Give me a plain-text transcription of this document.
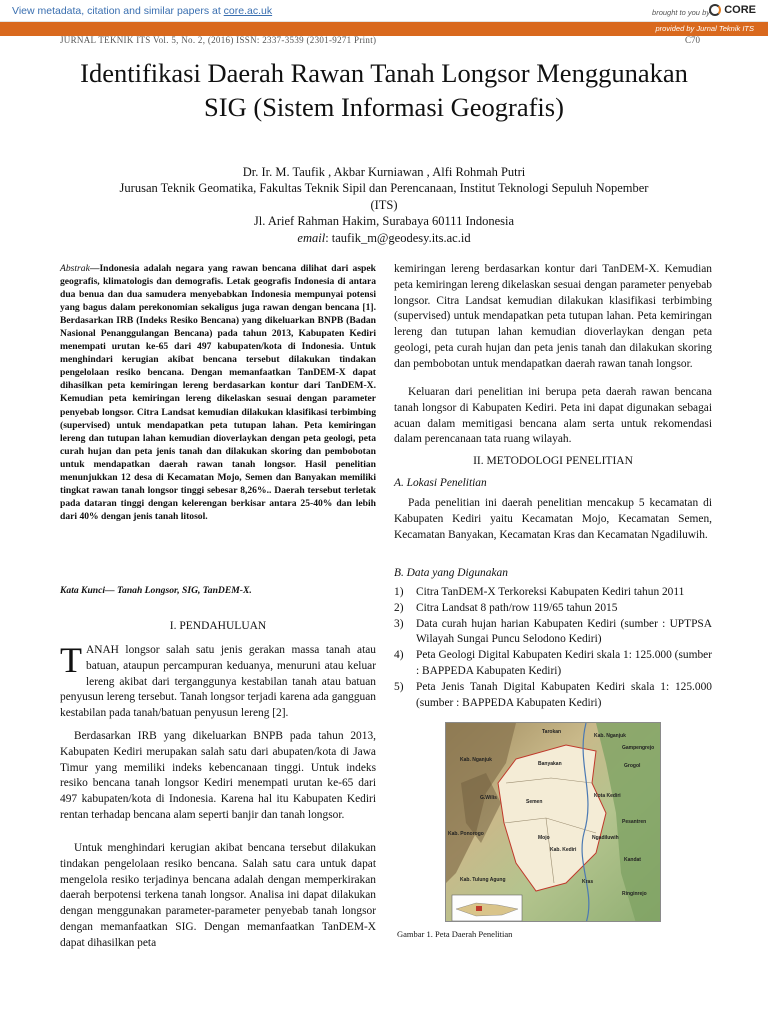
View metadata, citation and similar papers at core.ac.uk	brought to you by CORE
provided by Jurnal Teknik ITS
JURNAL TEKNIK ITS Vol. 5, No. 2, (2016) ISSN: 2337-3539 (2301-9271 Print)	C70
Identifikasi Daerah Rawan Tanah Longsor Menggunakan SIG (Sistem Informasi Geografis)
Dr. Ir. M. Taufik , Akbar Kurniawan , Alfi Rohmah Putri
Jurusan Teknik Geomatika, Fakultas Teknik Sipil dan Perencanaan, Institut Teknologi Sepuluh Nopember (ITS)
Jl. Arief Rahman Hakim, Surabaya 60111 Indonesia
email: taufik_m@geodesy.its.ac.id
Abstrak—Indonesia adalah negara yang rawan bencana dilihat dari aspek geografis, klimatologis dan demografis. Letak geografis Indonesia di antara dua benua dan dua samudera menyebabkan Indonesia mempunyai potensi yang bagus dalam perekonomian sekaligus juga rawan dengan bencana [1]. Berdasarkan IRB (Indeks Resiko Bencana) yang dikeluarkan BNPB (Badan Nasional Penanggulangan Bencana) pada tahun 2013, Kabupaten Kediri menempati urutan ke-65 dari 497 kabupaten/kota di Indonesia. Untuk menghindari kerugian akibat bencana tersebut dilakukan tindakan pengelolaan resiko bencana. Dengan memanfaatkan TanDEM-X dapat dihasilkan peta kemiringan lereng berdasarkan kontur dari TanDEM-X. Kemudian peta kemiringan lereng dikelaskan sesuai dengan parameter penyebab longsor. Citra Landsat kemudian dilakukan klasifikasi terbimbing (supervised) untuk mendapatkan peta tutupan lahan. Peta kemiringan lereng dan tutupan lahan kemudian dioverlaykan dengan peta geologi, peta curah hujan dan peta jenis tanah dan dilakukan skoring dan pembobotan untuk mendapatkan daerah rawan tanah longsor. Hasil penelitian menunjukkan 12 desa di Kecamatan Mojo, Semen dan Banyakan memiliki tingkat rawan tanah longsor tinggi sebesar 8,26%.. Daerah tersebut terletak pada dataran tinggi dengan kelerengan berkisar antara 25-40% dan lebih dari 40% dengan jenis tanah litosol.
Kata Kunci— Tanah Longsor, SIG, TanDEM-X.
I. PENDAHULUAN
TANAH longsor salah satu jenis gerakan massa tanah atau batuan, ataupun percampuran keduanya, menuruni atau keluar lereng akibat dari terganggunya kestabilan tanah atau batuan penyusun lereng tersebut. Tanah longsor terjadi karena ada gangguan kestabilan pada tanah/batuan penyusun lereng [2].
Berdasarkan IRB yang dikeluarkan BNPB pada tahun 2013, Kabupaten Kediri merupakan salah satu dari abupaten/kota di Jawa Timur yang memiliki indeks kebencanaan tinggi. Untuk indeks resiko bencana tanah longsor Kediri menempati urutan ke-65 dari 497 kabupaten/kota di Indonesia. Karena hal itu Kabupaten Kediri rentan terhadap bencana alam seperti banjir dan tanah longsor.
Untuk menghindari kerugian akibat bencana tersebut dilakukan tindakan pengelolaan resiko bencana. Salah satu cara untuk dapat mengelola resiko terjadinya bencana adalah dengan memperkirakan daerah berpotensi terkena tanah longsor. Analisa ini dapat dilakukan dengan menggunakan parameter-parameter penyebab tanah longsor dengan memanfaatkan SIG. Dengan memanfaatkan TanDEM-X dapat dihasilkan peta
kemiringan lereng berdasarkan kontur dari TanDEM-X. Kemudian peta kemiringan lereng dikelaskan sesuai dengan parameter penyebab longsor. Citra Landsat kemudian dilakukan klasifikasi terbimbing (supervised) untuk mendapatkan peta tutupan lahan. Peta kemiringan lereng dan tutupan lahan kemudian dioverlaykan dengan peta geologi, peta curah hujan dan peta jenis tanah dan dilakukan skoring dan pembobotan untuk mendapatkan daerah rawan tanah longsor.
Keluaran dari penelitian ini berupa peta daerah rawan bencana tanah longsor di Kabupaten Kediri. Peta ini dapat digunakan sebagai acuan dalam memitigasi bencana alam serta untuk rekomendasi dalam perencanaan tata ruang wilayah.
II. METODOLOGI PENELITIAN
A. Lokasi Penelitian
Pada penelitian ini daerah penelitian mencakup 5 kecamatan di Kabupaten Kediri yaitu Kecamatan Mojo, Kecamatan Semen, Kecamatan Banyakan, Kecamatan Kras dan Kecamatan Ngadiluwih.
B. Data yang Digunakan
1)	Citra TanDEM-X Terkoreksi Kabupaten Kediri tahun 2011
2)	Citra Landsat 8 path/row 119/65 tahun 2015
3)	Data curah hujan harian Kabupaten Kediri (sumber : UPTPSA Wilayah Sungai Puncu Selodono Kediri)
4)	Peta Geologi Digital Kabupaten Kediri skala 1: 125.000 (sumber : BAPPEDA Kabupaten Kediri)
5)	Peta Jenis Tanah Digital Kabupaten Kediri skala 1: 125.000 (sumber : BAPPEDA Kabupaten Kediri)
Kab. Nganjuk
Kab. Nganjuk
Kab. Ponorogo
G.Wilis	Kota Kediri
Kab. Kediri
Kab. Tulung Agung
Banyakan
Semen
Mojo	Ngadiluwih
Kras
Tarokan
Grogol
Gampengrejo
Kandat
Ringinrejo
Pesantren
Gambar 1. Peta Daerah Penelitian
